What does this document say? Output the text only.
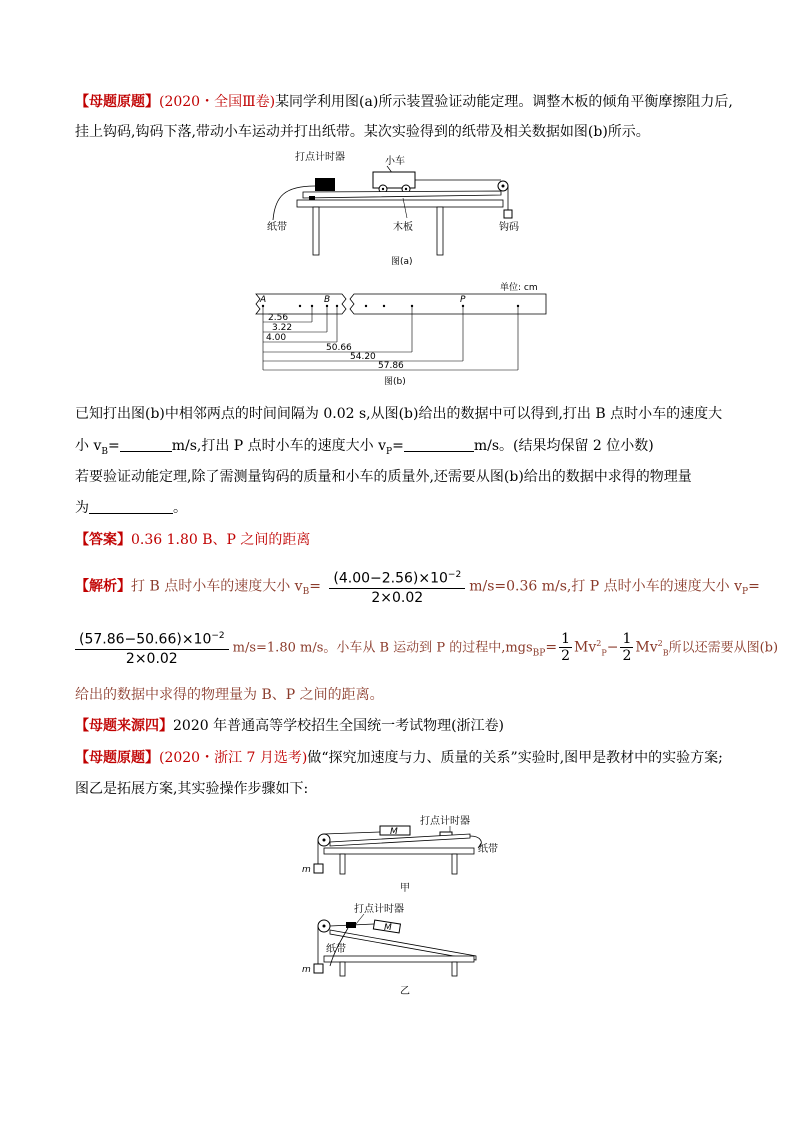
【母题原题】(2020・全国Ⅲ卷)某同学利用图(a)所示装置验证动能定理。调整木板的倾角平衡摩擦阻力后,
挂上钩码,钩码下落,带动小车运动并打出纸带。某次实验得到的纸带及相关数据如图(b)所示。
打点计时器	小车
纸带	木板	钩码
图(a)
单位: cm
A	B	P
2.56
3.22
4.00
50.66
54.20
57.86
图(b)
已知打出图(b)中相邻两点的时间间隔为 0.02 s,从图(b)给出的数据中可以得到,打出 B 点时小车的速度大
小 $v_B=$	m/s,打出 P 点时小车的速度大小 $v_P=$	m/s。(结果均保留 2 位小数)
若要验证动能定理,除了需测量钩码的质量和小车的质量外,还需要从图(b)给出的数据中求得的物理量
为	。
【答案】0.36 1.80 B、P 之间的距离
【解析】打 B 点时小车的速度大小 $v_B= \frac{(4.00-2.56)\times 10^{-2}}{2\times 0.02} m/s=0.36$ m/s,打 P 点时小车的速度大小 $v_P=$
$\frac{(57.86-50.66)\times 10^{-2}}{2\times 0.02} m/s=1.80$ m/s。小车从 B 运动到 P 的过程中$,mgs_{BP}= \frac{1}{2} Mv^2_P- \frac{1}{2} Mv^2_B$所以还需要从图(b)
给出的数据中求得的物理量为 B、P 之间的距离。
【母题来源四】2020 年普通高等学校招生全国统一考试物理(浙江卷)
【母题原题】(2020・浙江 7 月选考)做“探究加速度与力、质量的关系”实验时,图甲是教材中的实验方案;
图乙是拓展方案,其实验操作步骤如下:
打点计时器
M
纸带
m
甲
打点计时器
M
纸带
m
乙
